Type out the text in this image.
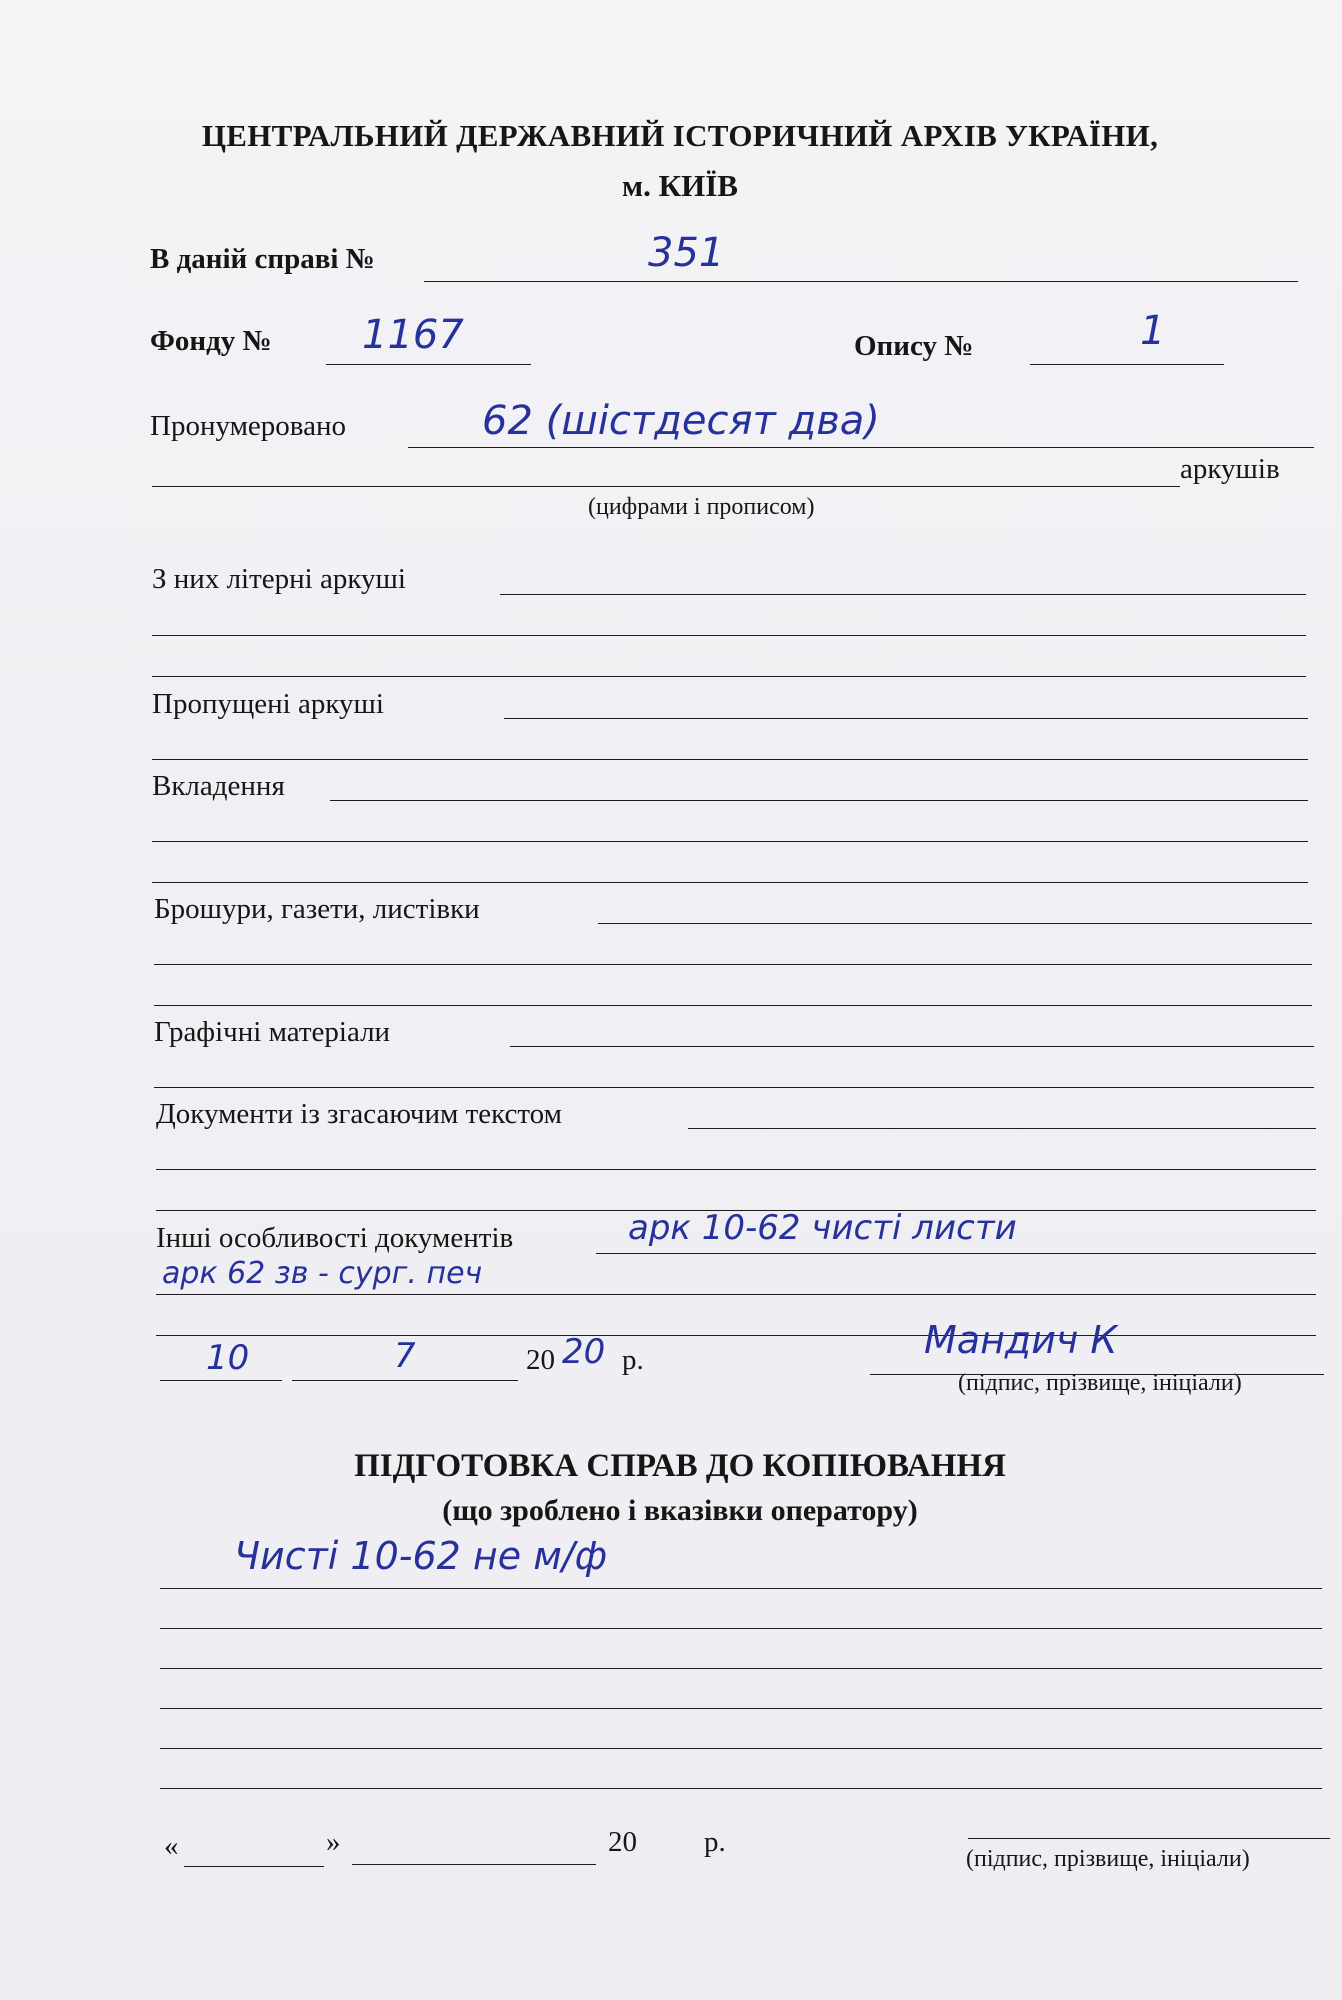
ЦЕНТРАЛЬНИЙ ДЕРЖАВНИЙ ІСТОРИЧНИЙ АРХІВ УКРАЇНИ,
м. КИЇВ
В даній справі №	351
Фонду № 1167	Опису №	1
Пронумеровано	62 (шістдесят два)
аркушів
(цифрами і прописом)
З них літерні аркуші
Пропущені аркуші
Вкладення
Брошури, газети, листівки
Графічні матеріали
Документи із згасаючим текстом
Інші особливості документів	арк 10-62 чисті листи
арк 62 зв - сург. печ
10	7	20 20 р.	Мандич К
(підпис, прізвище, ініціали)
ПІДГОТОВКА СПРАВ ДО КОПІЮВАННЯ
(що зроблено і вказівки оператору)
Чисті 10-62 не м/ф
«	»	20 р.
(підпис, прізвище, ініціали)
